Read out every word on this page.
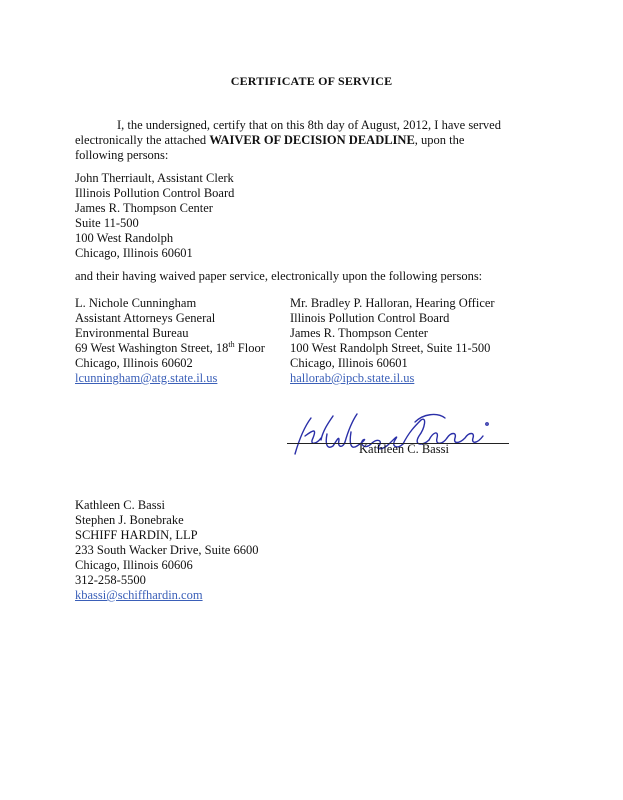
CERTIFICATE OF SERVICE
I, the undersigned, certify that on this 8th day of August, 2012, I have served electronically the attached WAIVER OF DECISION DEADLINE, upon the following persons:
John Therriault, Assistant Clerk
Illinois Pollution Control Board
James R. Thompson Center
Suite 11-500
100 West Randolph
Chicago, Illinois 60601
and their having waived paper service, electronically upon the following persons:
L. Nichole Cunningham
Assistant Attorneys General
Environmental Bureau
69 West Washington Street, 18th Floor
Chicago, Illinois 60602
lcunningham@atg.state.il.us
Mr. Bradley P. Halloran, Hearing Officer
Illinois Pollution Control Board
James R. Thompson Center
100 West Randolph Street, Suite 11-500
Chicago, Illinois 60601
hallorab@ipcb.state.il.us
Kathleen C. Bassi
Kathleen C. Bassi
Stephen J. Bonebrake
SCHIFF HARDIN, LLP
233 South Wacker Drive, Suite 6600
Chicago, Illinois 60606
312-258-5500
kbassi@schiffhardin.com
